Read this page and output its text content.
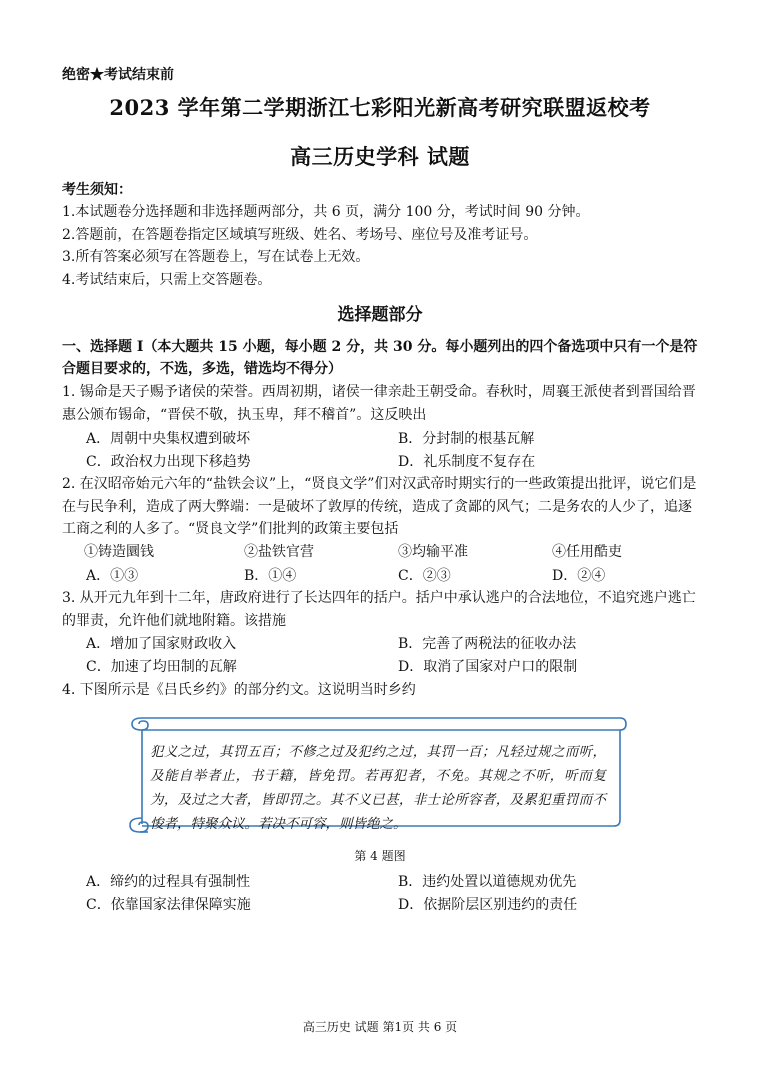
绝密★考试结束前
2023 学年第二学期浙江七彩阳光新高考研究联盟返校考
高三历史学科 试题
考生须知：
1.本试题卷分选择题和非选择题两部分，共 6 页，满分 100 分，考试时间 90 分钟。
2.答题前，在答题卷指定区域填写班级、姓名、考场号、座位号及准考证号。
3.所有答案必须写在答题卷上，写在试卷上无效。
4.考试结束后，只需上交答题卷。
选择题部分
一、选择题 I（本大题共 15 小题，每小题 2 分，共 30 分。每小题列出的四个备选项中只有一个是符合题目要求的，不选，多选，错选均不得分）
1. 锡命是天子赐予诸侯的荣誉。西周初期，诸侯一律亲赴王朝受命。春秋时，周襄王派使者到晋国给晋惠公颁布锡命，“晋侯不敬，执玉卑，拜不稽首”。这反映出
A．周朝中央集权遭到破坏	B．分封制的根基瓦解
C．政治权力出现下移趋势	D．礼乐制度不复存在
2. 在汉昭帝始元六年的“盐铁会议”上，“贤良文学”们对汉武帝时期实行的一些政策提出批评，说它们是在与民争利，造成了两大弊端：一是破坏了敦厚的传统，造成了贪鄙的风气；二是务农的人少了，追逐工商之利的人多了。“贤良文学”们批判的政策主要包括
①铸造圜钱	②盐铁官营	③均输平准	④任用酷吏
A．①③	B．①④	C．②③	D．②④
3. 从开元九年到十二年，唐政府进行了长达四年的括户。括户中承认逃户的合法地位，不追究逃户逃亡的罪责，允许他们就地附籍。该措施
A．增加了国家财政收入	B．完善了两税法的征收办法
C．加速了均田制的瓦解	D．取消了国家对户口的限制
4. 下图所示是《吕氏乡约》的部分约文。这说明当时乡约
犯义之过，其罚五百；不修之过及犯约之过，其罚一百；凡轻过规之而听，及能自举者止，书于籍，皆免罚。若再犯者，不免。其规之不听，听而复为，及过之大者，皆即罚之。其不义已甚，非士论所容者，及累犯重罚而不悛者，特聚众议。若决不可容，则皆绝之。
第 4 题图
A．缔约的过程具有强制性	B．违约处置以道德规劝优先
C．依靠国家法律保障实施	D．依据阶层区别违约的责任
高三历史 试题 第1页 共 6 页
